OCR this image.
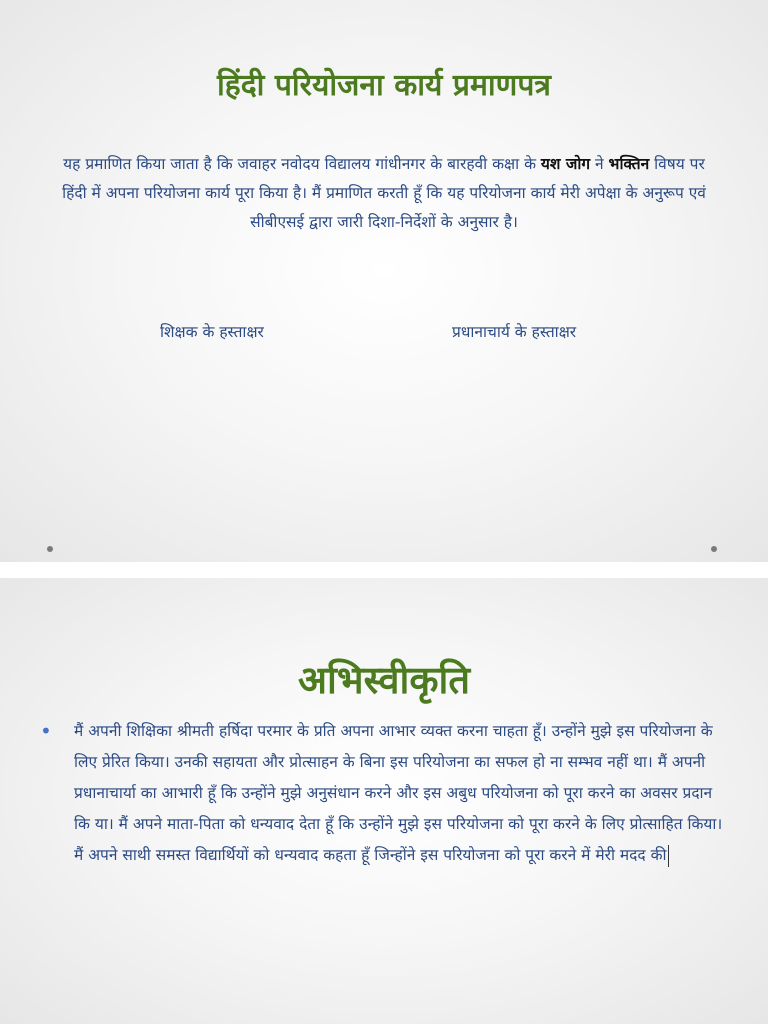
हिंदी परियोजना कार्य प्रमाणपत्र
यह प्रमाणित किया जाता है कि जवाहर नवोदय विद्यालय गांधीनगर के बारहवी कक्षा के यश जोग ने भक्तिन विषय पर हिंदी में अपना परियोजना कार्य पूरा किया है। मैं प्रमाणित करती हूँ कि यह परियोजना कार्य मेरी अपेक्षा के अनुरूप एवं सीबीएसई द्वारा जारी दिशा-निर्देशों के अनुसार है।
शिक्षक के हस्ताक्षर	प्रधानाचार्य के हस्ताक्षर
अभिस्वीकृति
• मैं अपनी शिक्षिका श्रीमती हर्षिदा परमार के प्रति अपना आभार व्यक्त करना चाहता हूँ। उन्होंने मुझे इस परियोजना के लिए प्रेरित किया। उनकी सहायता और प्रोत्साहन के बिना इस परियोजना का सफल हो ना सम्भव नहीं था। मैं अपनी प्रधानाचार्या का आभारी हूँ कि उन्होंने मुझे अनुसंधान करने और इस अबुध परियोजना को पूरा करने का अवसर प्रदान कि या। मैं अपने माता-पिता को धन्यवाद देता हूँ कि उन्होंने मुझे इस परियोजना को पूरा करने के लिए प्रोत्साहित किया। मैं अपने साथी समस्त विद्यार्थियों को धन्यवाद कहता हूँ जिन्होंने इस परियोजना को पूरा करने में मेरी मदद की
